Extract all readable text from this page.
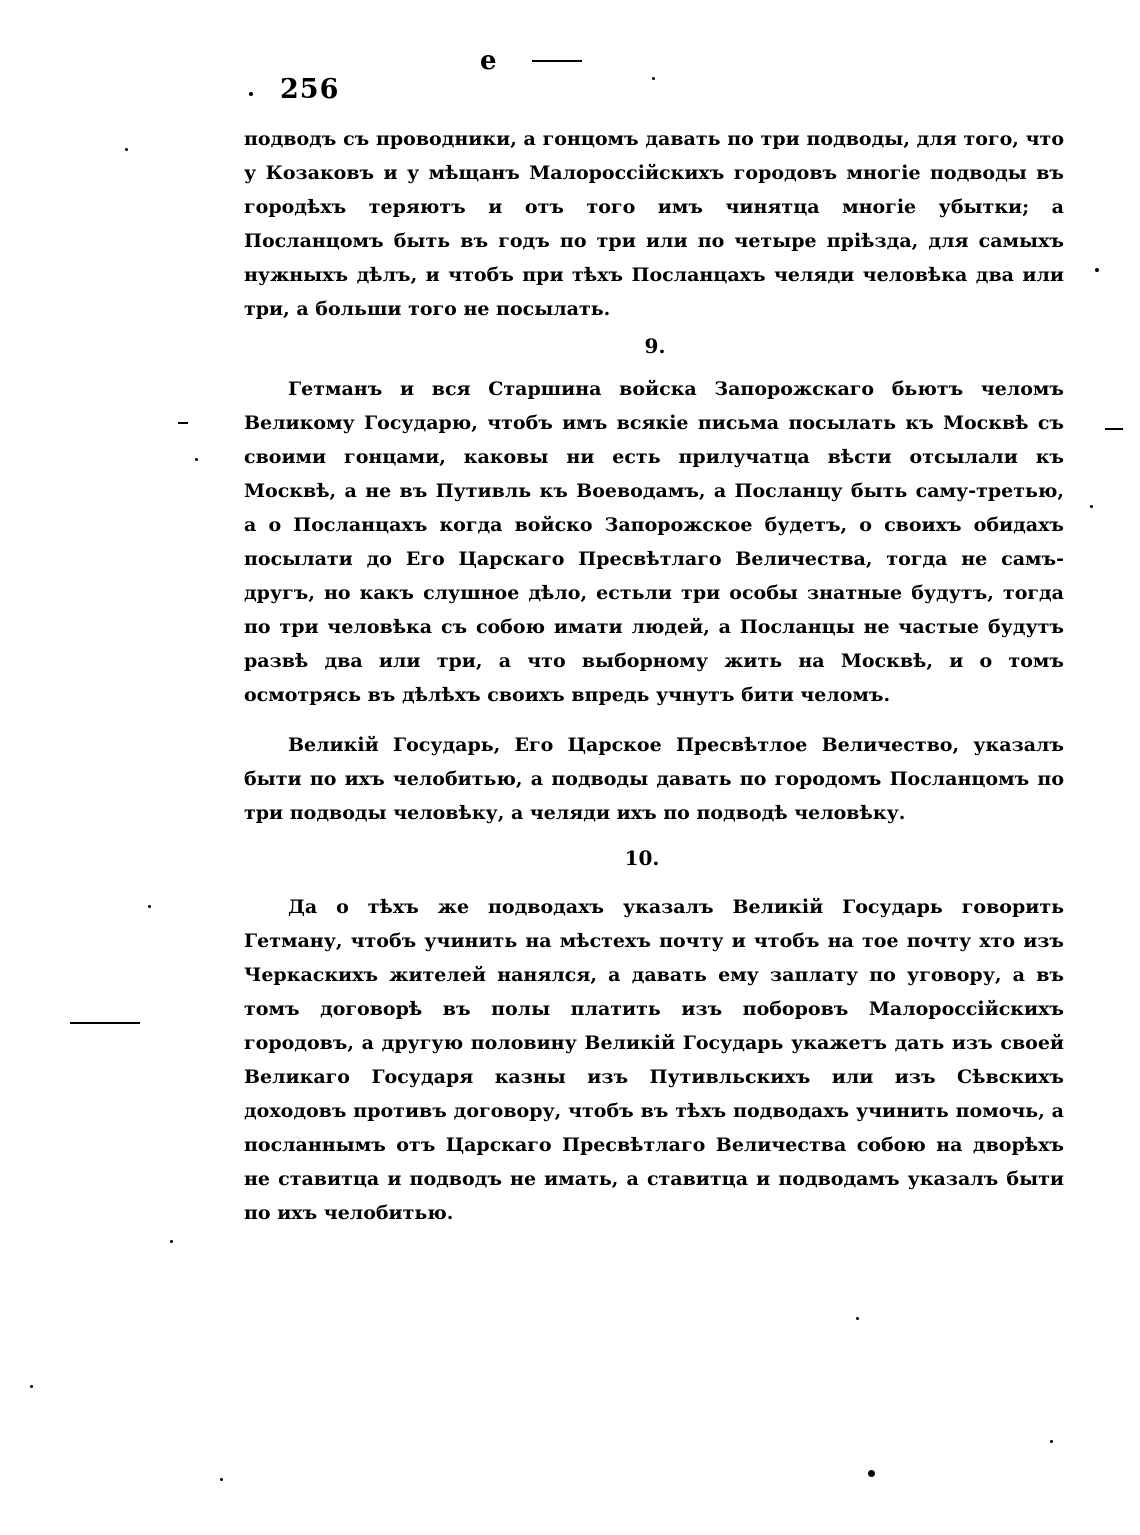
256
e

подводъ съ проводники, а гонцомъ давать по три подводы, для того, что у Козаковъ и у мѣщанъ Малороссійскихъ городовъ многіе подводы въ городѣхъ теряютъ и отъ того имъ чинятца многіе убытки; а Посланцомъ быть въ годъ по три или по четыре пріѣзда, для самыхъ нужныхъ дѣлъ, и чтобъ при тѣхъ Посланцахъ челяди человѣка два или три, а больши того не посылать.

9.

Гетманъ и вся Старшина войска Запорожскаго бьютъ челомъ Великому Государю, чтобъ имъ всякіе письма посылать къ Москвѣ съ своими гонцами, каковы ни есть прилучатца вѣсти отсылали къ Москвѣ, а не въ Путивль къ Воеводамъ, а Посланцу быть саму-третью, а о Посланцахъ когда войско Запорожское будетъ, о своихъ обидахъ посылати до Его Царскаго Пресвѣтлаго Величества, тогда не самъ-другъ, но какъ слушное дѣло, естьли три особы знатные будутъ, тогда по три человѣка съ собою имати людей, а Посланцы не частые будутъ развѣ два или три, а что выборному жить на Москвѣ, и о томъ осмотрясь въ дѣлѣхъ своихъ впредь учнутъ бити челомъ.

Великій Государь, Его Царское Пресвѣтлое Величество, указалъ быти по ихъ челобитью, а подводы давать по городомъ Посланцомъ по три подводы человѣку, а челяди ихъ по подводѣ человѣку.

10.

Да о тѣхъ же подводахъ указалъ Великій Государь говорить Гетману, чтобъ учинить на мѣстехъ почту и чтобъ на тое почту хто изъ Черкаскихъ жителей нанялся, а давать ему заплату по уговору, а въ томъ договорѣ въ полы платить изъ поборовъ Малороссійскихъ городовъ, а другую половину Великій Государь укажетъ дать изъ своей Великаго Государя казны изъ Путивльскихъ или изъ Сѣвскихъ доходовъ противъ договору, чтобъ въ тѣхъ подводахъ учинить помочь, а посланнымъ отъ Царскаго Пресвѣтлаго Величества собою на дворѣхъ не ставитца и подводъ не имать, а ставитца и подводамъ указалъ быти по ихъ челобитью.
